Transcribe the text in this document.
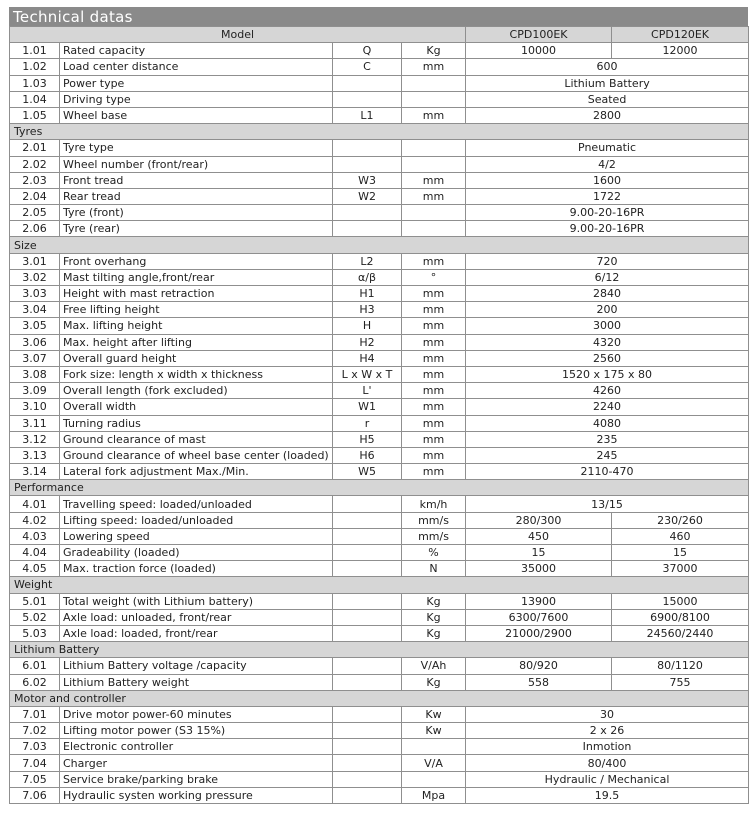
Technical datas
Model				CPD100EK	CPD120EK
1.01	Rated capacity	Q	Kg	10000	12000
1.02	Load center distance	C	mm	600	
1.03	Power type			Lithium Battery	
1.04	Driving type			Seated	
1.05	Wheel base	L1	mm	2800	
Tyres					
2.01	Tyre type			Pneumatic	
2.02	Wheel number (front/rear)			4/2	
2.03	Front tread	W3	mm	1600	
2.04	Rear tread	W2	mm	1722	
2.05	Tyre (front)			9.00-20-16PR	
2.06	Tyre (rear)			9.00-20-16PR	
Size					
3.01	Front overhang	L2	mm	720	
3.02	Mast tilting angle,front/rear	α/β	°	6/12	
3.03	Height with mast retraction	H1	mm	2840	
3.04	Free lifting height	H3	mm	200	
3.05	Max. lifting height	H	mm	3000	
3.06	Max. height after lifting	H2	mm	4320	
3.07	Overall guard height	H4	mm	2560	
3.08	Fork size: length x width x thickness	L x W x T	mm	1520 x 175 x 80	
3.09	Overall length (fork excluded)	L'	mm	4260	
3.10	Overall width	W1	mm	2240	
3.11	Turning radius	r	mm	4080	
3.12	Ground clearance of mast	H5	mm	235	
3.13	Ground clearance of wheel base center (loaded)	H6	mm	245	
3.14	Lateral fork adjustment Max./Min.	W5	mm	2110-470	
Performance					
4.01	Travelling speed: loaded/unloaded		km/h	13/15	
4.02	Lifting speed: loaded/unloaded		mm/s	280/300	230/260
4.03	Lowering speed		mm/s	450	460
4.04	Gradeability (loaded)		%	15	15
4.05	Max. traction force (loaded)		N	35000	37000
Weight					
5.01	Total weight (with Lithium battery)		Kg	13900	15000
5.02	Axle load: unloaded, front/rear		Kg	6300/7600	6900/8100
5.03	Axle load: loaded, front/rear		Kg	21000/2900	24560/2440
Lithium Battery					
6.01	Lithium Battery voltage /capacity		V/Ah	80/920	80/1120
6.02	Lithium Battery weight		Kg	558	755
Motor and controller					
7.01	Drive motor power-60 minutes		Kw	30	
7.02	Lifting motor power (S3 15%)		Kw	2 x 26	
7.03	Electronic controller			Inmotion	
7.04	Charger		V/A	80/400	
7.05	Service brake/parking brake			Hydraulic / Mechanical	
7.06	Hydraulic systen working pressure		Mpa	19.5	
